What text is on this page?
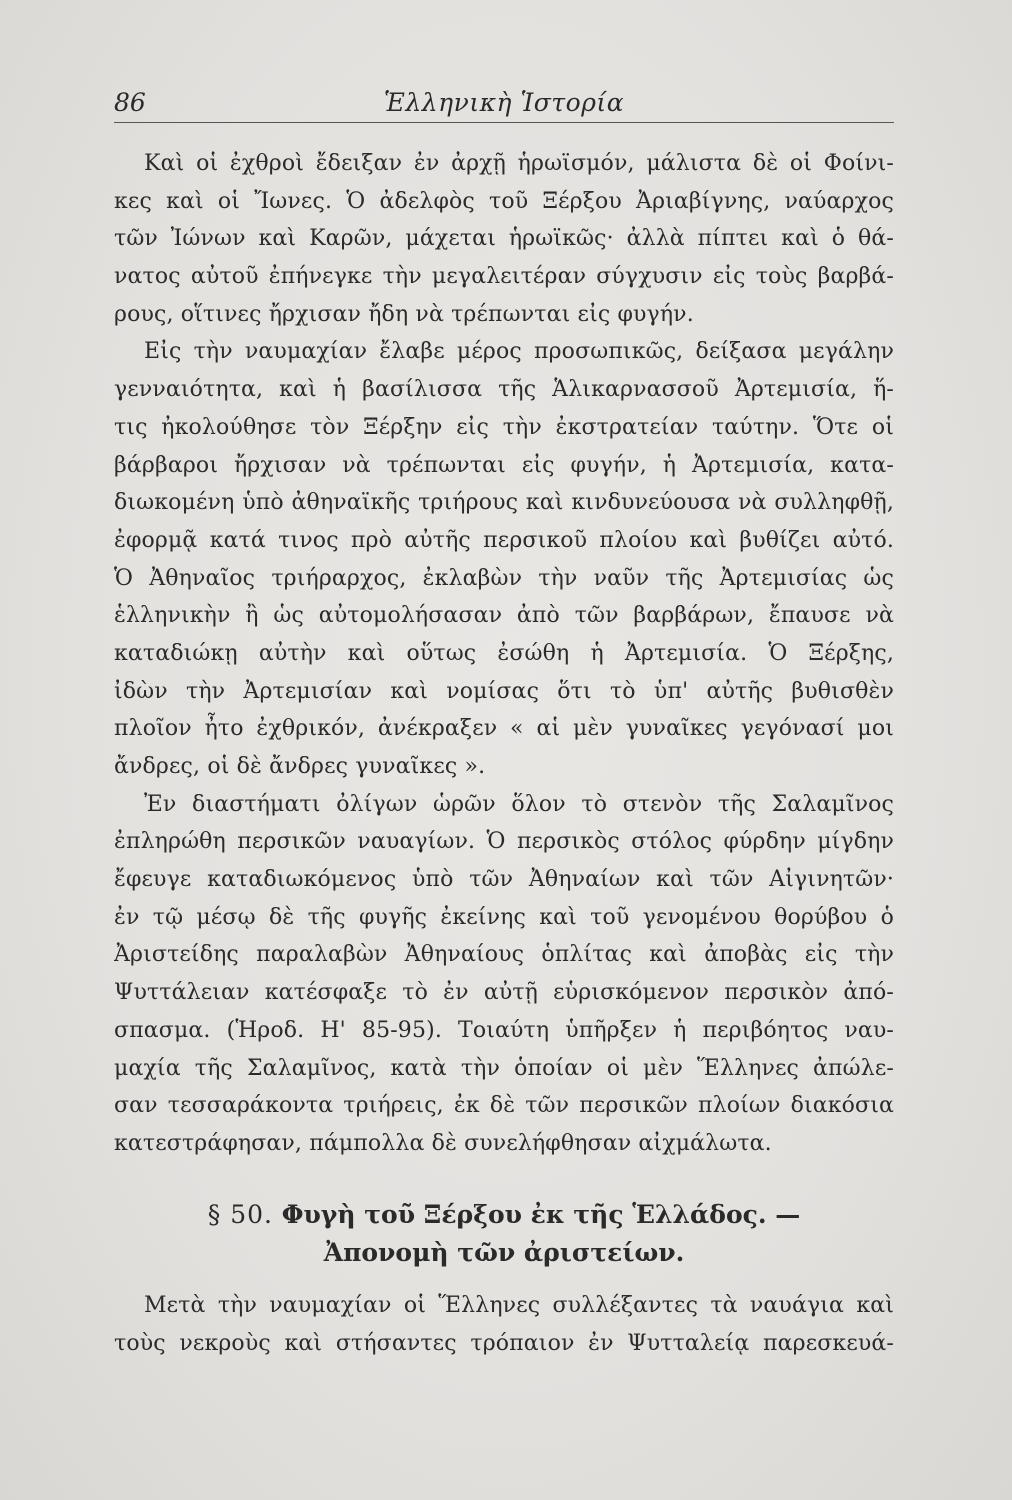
86	Ἑλληνικὴ Ἱστορία
Καὶ οἱ ἐχθροὶ ἔδειξαν ἐν ἀρχῇ ἡρωϊσμόν, μάλιστα δὲ οἱ Φοίνι-
κες καὶ οἱ Ἴωνες. Ὁ ἀδελφὸς τοῦ Ξέρξου Ἀριαβίγνης, ναύαρχος
τῶν Ἰώνων καὶ Καρῶν, μάχεται ἡρωϊκῶς· ἀλλὰ πίπτει καὶ ὁ θά-
νατος αὐτοῦ ἐπήνεγκε τὴν μεγαλειτέραν σύγχυσιν εἰς τοὺς βαρβά-
ρους, οἵτινες ἤρχισαν ἤδη νὰ τρέπωνται εἰς φυγήν.
Εἰς τὴν ναυμαχίαν ἔλαβε μέρος προσωπικῶς, δείξασα μεγάλην
γενναιότητα, καὶ ἡ βασίλισσα τῆς Ἁλικαρνασσοῦ Ἀρτεμισία, ἥ-
τις ἠκολούθησε τὸν Ξέρξην εἰς τὴν ἐκστρατείαν ταύτην. Ὅτε οἱ
βάρβαροι ἤρχισαν νὰ τρέπωνται εἰς φυγήν, ἡ Ἀρτεμισία, κατα-
διωκομένη ὑπὸ ἀθηναϊκῆς τριήρους καὶ κινδυνεύουσα νὰ συλληφθῇ,
ἐφορμᾷ κατά τινος πρὸ αὐτῆς περσικοῦ πλοίου καὶ βυθίζει αὐτό.
Ὁ Ἀθηναῖος τριήραρχος, ἐκλαβὼν τὴν ναῦν τῆς Ἀρτεμισίας ὡς
ἑλληνικὴν ἢ ὡς αὐτομολήσασαν ἀπὸ τῶν βαρβάρων, ἔπαυσε νὰ
καταδιώκῃ αὐτὴν καὶ οὕτως ἐσώθη ἡ Ἀρτεμισία. Ὁ Ξέρξης,
ἰδὼν τὴν Ἀρτεμισίαν καὶ νομίσας ὅτι τὸ ὑπ' αὐτῆς βυθισθὲν
πλοῖον ἦτο ἐχθρικόν, ἀνέκραξεν « αἱ μὲν γυναῖκες γεγόνασί μοι
ἄνδρες, οἱ δὲ ἄνδρες γυναῖκες ».
Ἐν διαστήματι ὀλίγων ὡρῶν ὅλον τὸ στενὸν τῆς Σαλαμῖνος
ἐπληρώθη περσικῶν ναυαγίων. Ὁ περσικὸς στόλος φύρδην μίγδην
ἔφευγε καταδιωκόμενος ὑπὸ τῶν Ἀθηναίων καὶ τῶν Αἰγινητῶν·
ἐν τῷ μέσῳ δὲ τῆς φυγῆς ἐκείνης καὶ τοῦ γενομένου θορύβου ὁ
Ἀριστείδης παραλαβὼν Ἀθηναίους ὁπλίτας καὶ ἀποβὰς εἰς τὴν
Ψυττάλειαν κατέσφαξε τὸ ἐν αὐτῇ εὑρισκόμενον περσικὸν ἀπό-
σπασμα. (Ἡροδ. Η' 85-95). Τοιαύτη ὑπῆρξεν ἡ περιβόητος ναυ-
μαχία τῆς Σαλαμῖνος, κατὰ τὴν ὁποίαν οἱ μὲν Ἕλληνες ἀπώλε-
σαν τεσσαράκοντα τριήρεις, ἐκ δὲ τῶν περσικῶν πλοίων διακόσια
κατεστράφησαν, πάμπολλα δὲ συνελήφθησαν αἰχμάλωτα.
§ 50. Φυγὴ τοῦ Ξέρξου ἐκ τῆς Ἑλλάδος. —
Ἀπονομὴ τῶν ἀριστείων.
Μετὰ τὴν ναυμαχίαν οἱ Ἕλληνες συλλέξαντες τὰ ναυάγια καὶ
τοὺς νεκροὺς καὶ στήσαντες τρόπαιον ἐν Ψυτταλείᾳ παρεσκευά-
